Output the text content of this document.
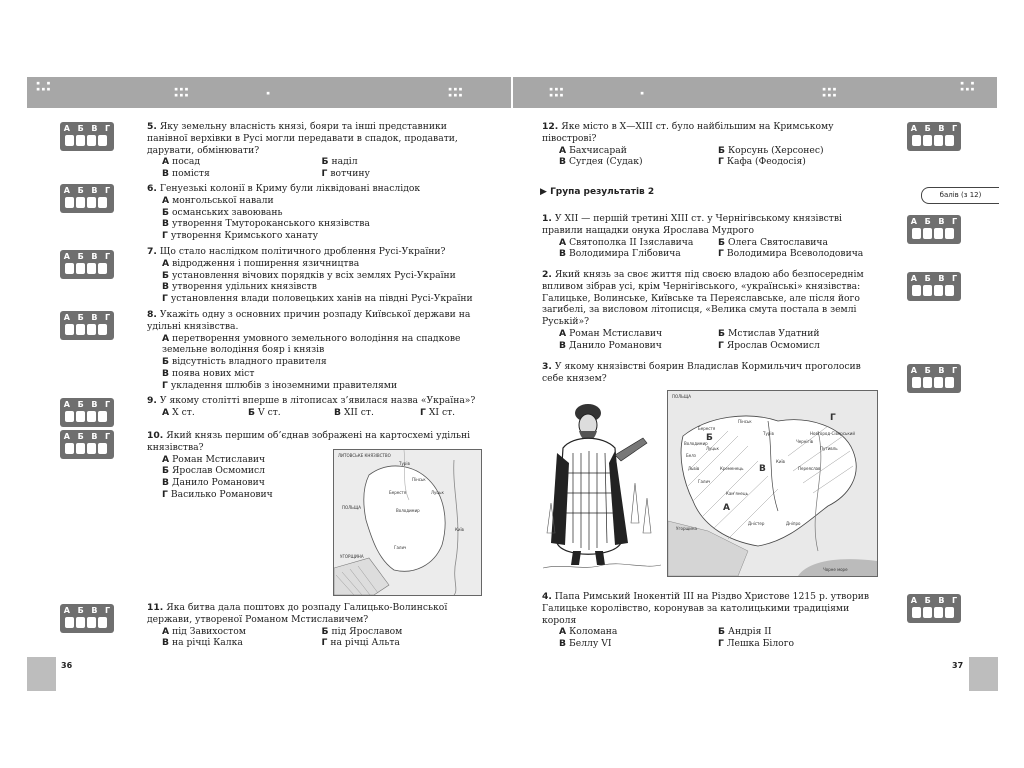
▪ ▪
▪▪▪	▪▪▪
▪▪▪	▪	▪▪▪
▪▪▪
▪▪▪
▪▪▪	▪	▪▪▪
▪▪▪
▪ ▪
▪▪▪
А Б В Г
А Б В Г
А Б В Г
А Б В Г
А Б В Г
А Б В Г
А Б В Г
А Б В Г
А Б В Г
А Б В Г
А Б В Г
А Б В Г
5. Яку земельну власність князі, бояри та інші представники панівної верхівки в Русі могли передавати в спадок, продавати, дарувати, обмінювати?
А посад	Б наділ
В помістя	Г вотчину
6. Генуезькі колонії в Криму були ліквідовані внаслідок
А монгольської навали
Б османських завоювань
В утворення Тмутороканського князівства
Г утворення Кримського ханату
7. Що стало наслідком політичного дроблення Русі-України?
А відродження і поширення язичництва
Б установлення вічових порядків у всіх землях Русі-України
В утворення удільних князівств
Г установлення влади половецьких ханів на півдні Русі-України
8. Укажіть одну з основних причин розпаду Київської держави на удільні князівства.
А перетворення умовного земельного володіння на спадкове земельне володіння бояр і князів
Б відсутність владного правителя
В поява нових міст
Г укладення шлюбів з іноземними правителями
9. У якому столітті вперше в літописах з’явилася назва «Україна»?
А Х ст.	Б V ст.	В ХІІ ст.	Г ХІ ст.
10. Який князь першим об’єднав зображені на картосхемі удільні князівства?
А Роман Мстиславич
Б Ярослав Осмомисл
В Данило Романович
Г Василько Романович
ЛИТОВСЬКЕ КНЯЗІВСТВО
Турів
Пінськ
Берестя	Луцьк
Володимир
Київ
Галич
ПОЛЬЩА
УГОРЩИНА
11. Яка битва дала поштовх до розпаду Галицько-Волинської держави, утвореної Романом Мстиславичем?
А під Завихостом	Б під Ярославом
В на річці Калка	Г на річці Альта
12. Яке місто в Х—ХІІІ ст. було найбільшим на Кримському півострові?
А Бахчисарай	Б Корсунь (Херсонес)
В Сугдея (Судак)	Г Кафа (Феодосія)
▶ Група результатів 2	балів (з 12)
1. У ХІІ — першій третині ХІІІ ст. у Чернігівському князівстві правили нащадки онука Ярослава Мудрого
А Святополка ІІ Ізяславича	Б Олега Святославича
В Володимира Глібовича	Г Володимира Всеволодовича
2. Який князь за своє життя під своєю владою або безпосереднім впливом зібрав усі, крім Чернігівського, «українські» князівства: Галицьке, Волинське, Київське та Переяславське, але після його загибелі, за висловом літописця, «Велика смута постала в землі Руській»?
А Роман Мстиславич	Б Мстислав Удатний
В Данило Романович	Г Ярослав Осмомисл
3. У якому князівстві боярин Владислав Кормильчич проголосив себе князем?
ПОЛЬЩА
А
Б
В
Г
Берестя
Пінськ
Турів
Володимир
Белз
Луцьк
Кременець
Галич
Київ
Переяслав
Чернігів
Новгород-Сіверський
Путивль
Угорщина
Кам'янець
Львів
Дністер	Дніпро
Чорне море
4. Папа Римський Інокентій ІІІ на Різдво Христове 1215 р. утворив Галицьке королівство, коронував за католицькими традиціями короля
А Коломана	Б Андрія ІІ
В Беллу VI	Г Лешка Білого
36	37
